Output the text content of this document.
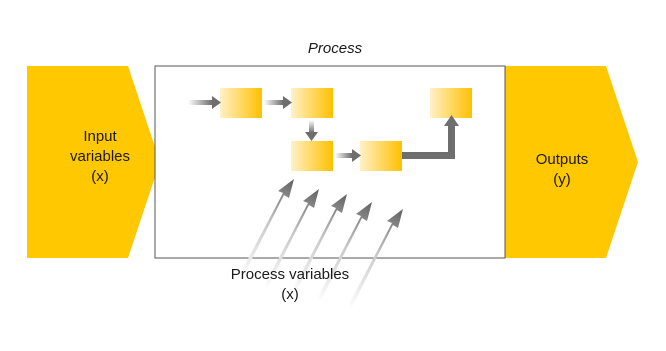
Process
Input
variables
(x)
Outputs
(y)
Process variables
(x)
